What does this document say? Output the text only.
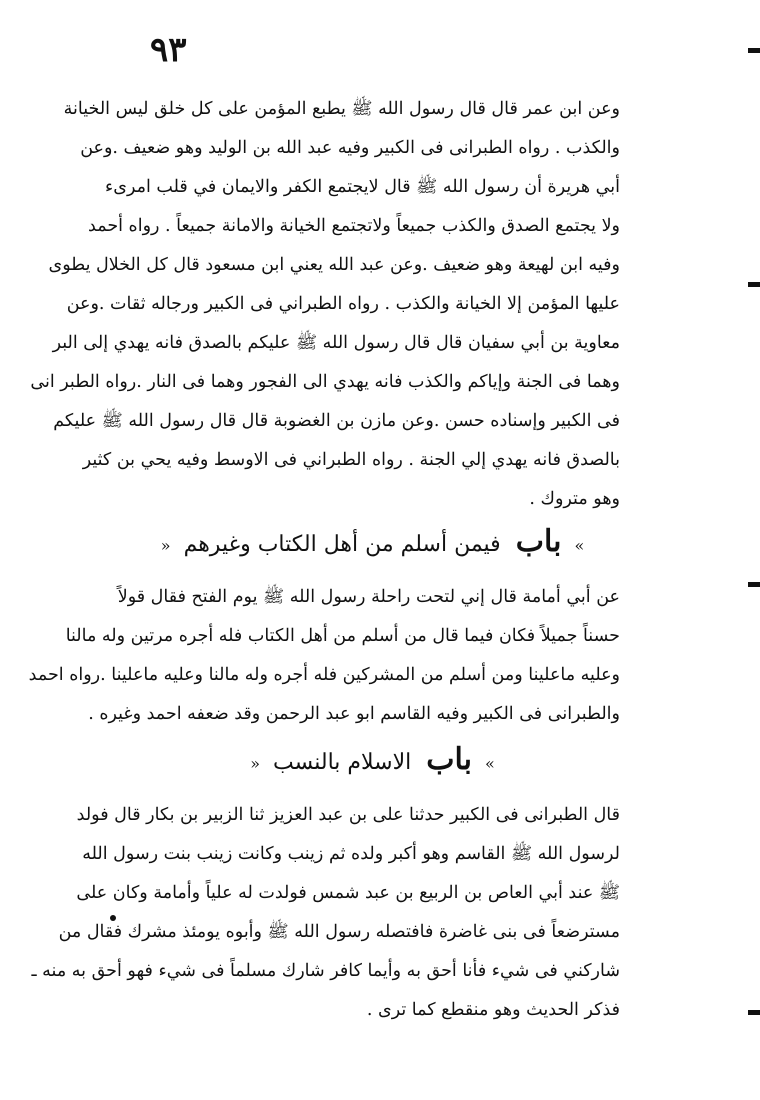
٩٣
وعن ابن عمر قال قال رسول الله ﷺ يطبع المؤمن على كل خلق ليس الخيانة
والكذب . رواه الطبرانى فى الكبير وفيه عبد الله بن الوليد وهو ضعيف .وعن
أبي هريرة أن رسول الله ﷺ قال لايجتمع الكفر والايمان في قلب امرىء
ولا يجتمع الصدق والكذب جميعاً ولاتجتمع الخيانة والامانة جميعاً . رواه أحمد
وفيه ابن لهيعة وهو ضعيف .وعن عبد الله يعني ابن مسعود قال كل الخلال يطوى
عليها المؤمن إلا الخيانة والكذب . رواه الطبراني فى الكبير ورجاله ثقات .وعن
معاوية بن أبي سفيان قال قال رسول الله ﷺ عليكم بالصدق فانه يهدي إلى البر
وهما فى الجنة وإياكم والكذب فانه يهدي الى الفجور وهما فى النار .رواه الطبر انى
فى الكبير وإسناده حسن .وعن مازن بن الغضوبة قال قال رسول الله ﷺ عليكم
بالصدق فانه يهدي إلي الجنة . رواه الطبراني فى الاوسط وفيه يحي بن كثير
وهو متروك .
» باب فيمن أسلم من أهل الكتاب وغيرهم «
عن أبي أمامة قال إني لتحت راحلة رسول الله ﷺ يوم الفتح فقال قولاً
حسناً جميلاً فكان فيما قال من أسلم من أهل الكتاب فله أجره مرتين وله مالنا
وعليه ماعلينا ومن أسلم من المشركين فله أجره وله مالنا وعليه ماعلينا .رواه احمد
والطبرانى فى الكبير وفيه القاسم ابو عبد الرحمن وقد ضعفه احمد وغيره .
» باب الاسلام بالنسب «
قال الطبرانى فى الكبير حدثنا على بن عبد العزيز ثنا الزبير بن بكار قال فولد
لرسول الله ﷺ القاسم وهو أكبر ولده ثم زينب وكانت زينب بنت رسول الله
ﷺ عند أبي العاص بن الربيع بن عبد شمس فولدت له علياً وأمامة وكان على
مسترضعاً فى بنى غاضرة فافتصله رسول الله ﷺ وأبوه يومئذ مشرك فقال من
شاركني فى شيء فأنا أحق به وأيما كافر شارك مسلماً فى شيء فهو أحق به منه ـ
فذكر الحديث وهو منقطع كما ترى .
